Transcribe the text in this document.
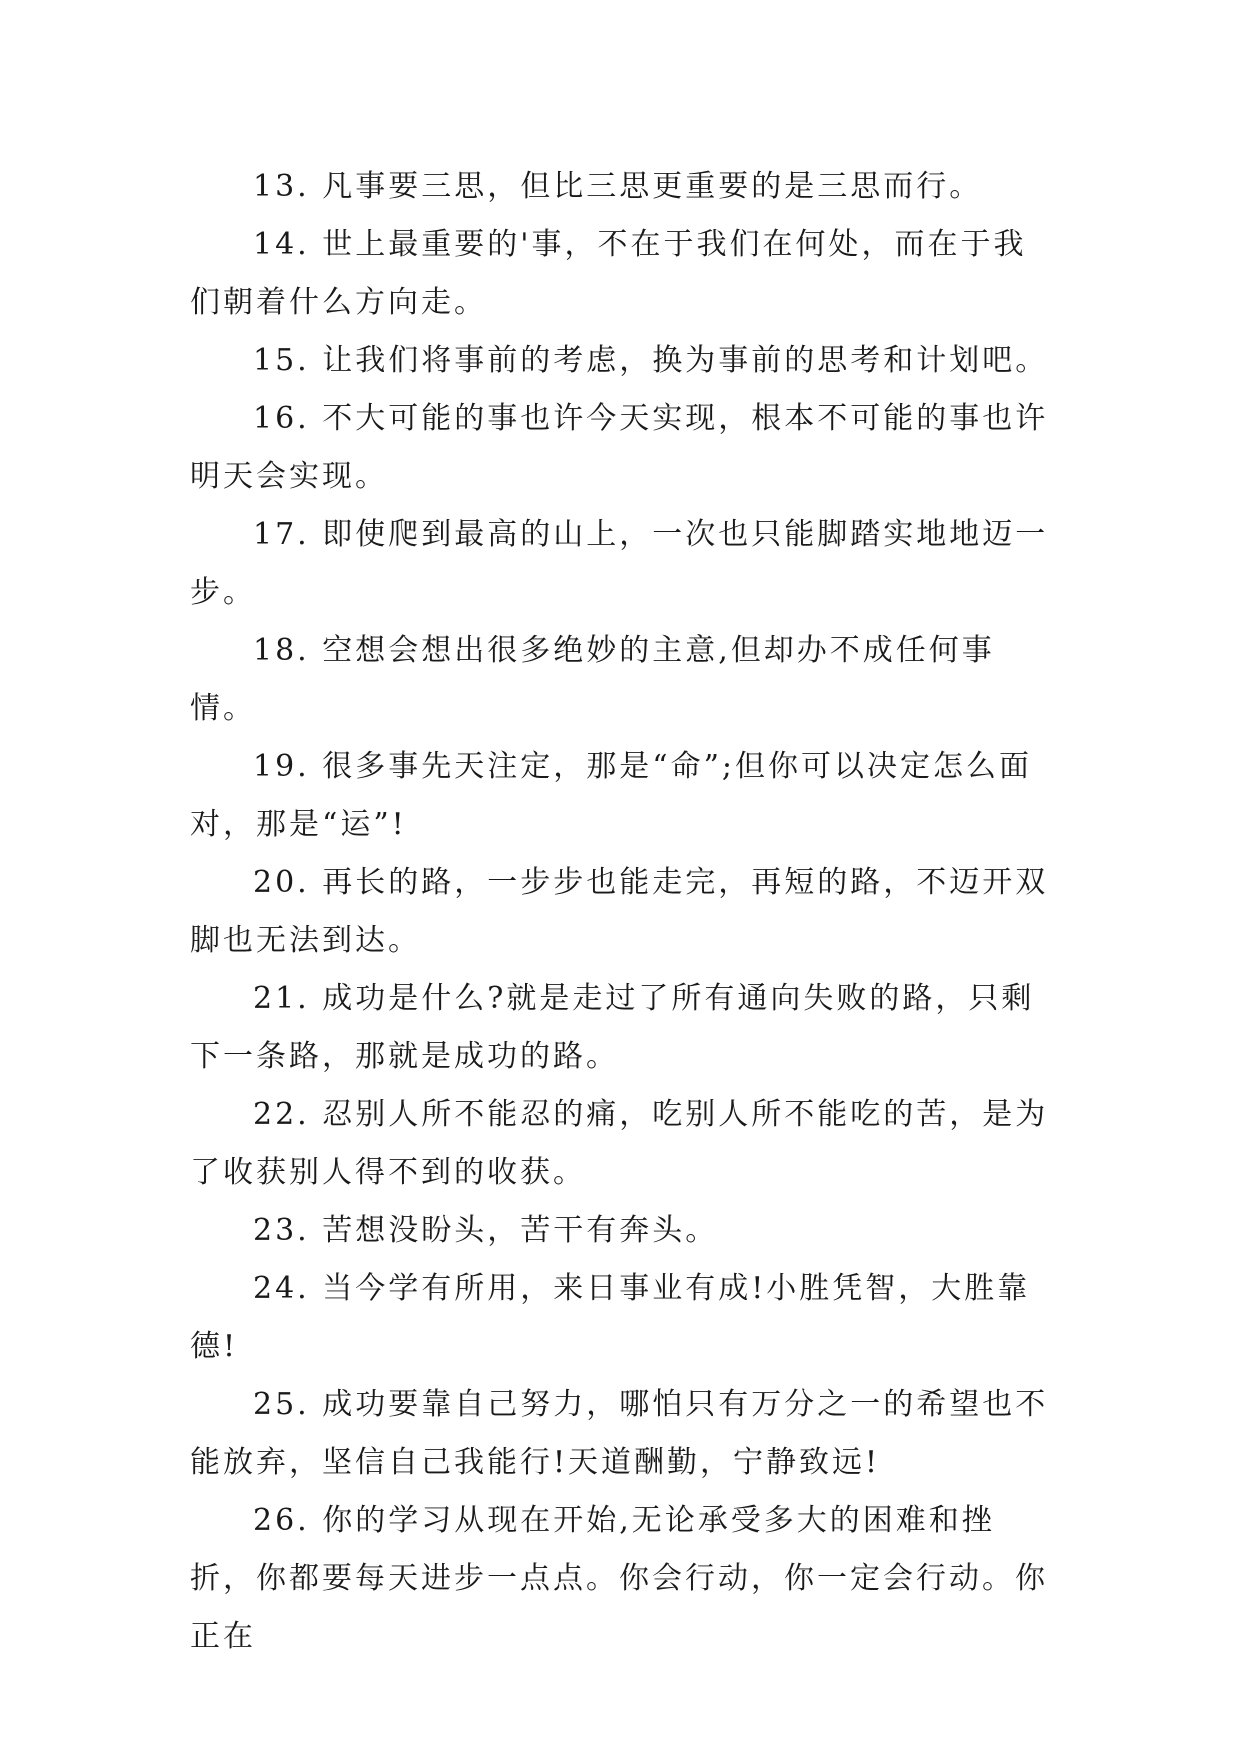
13. 凡事要三思，但比三思更重要的是三思而行。

14. 世上最重要的'事，不在于我们在何处，而在于我们朝着什么方向走。

15. 让我们将事前的考虑，换为事前的思考和计划吧。

16. 不大可能的事也许今天实现，根本不可能的事也许明天会实现。

17. 即使爬到最高的山上，一次也只能脚踏实地地迈一步。

18. 空想会想出很多绝妙的主意,但却办不成任何事情。

19. 很多事先天注定，那是“命”;但你可以决定怎么面对，那是“运”!

20. 再长的路，一步步也能走完，再短的路，不迈开双脚也无法到达。

21. 成功是什么?就是走过了所有通向失败的路，只剩下一条路，那就是成功的路。

22. 忍别人所不能忍的痛，吃别人所不能吃的苦，是为了收获别人得不到的收获。

23. 苦想没盼头，苦干有奔头。

24. 当今学有所用，来日事业有成!小胜凭智，大胜靠德!

25. 成功要靠自己努力，哪怕只有万分之一的希望也不能放弃，坚信自己我能行!天道酬勤，宁静致远!

26. 你的学习从现在开始,无论承受多大的困难和挫折，你都要每天进步一点点。你会行动，你一定会行动。你正在
